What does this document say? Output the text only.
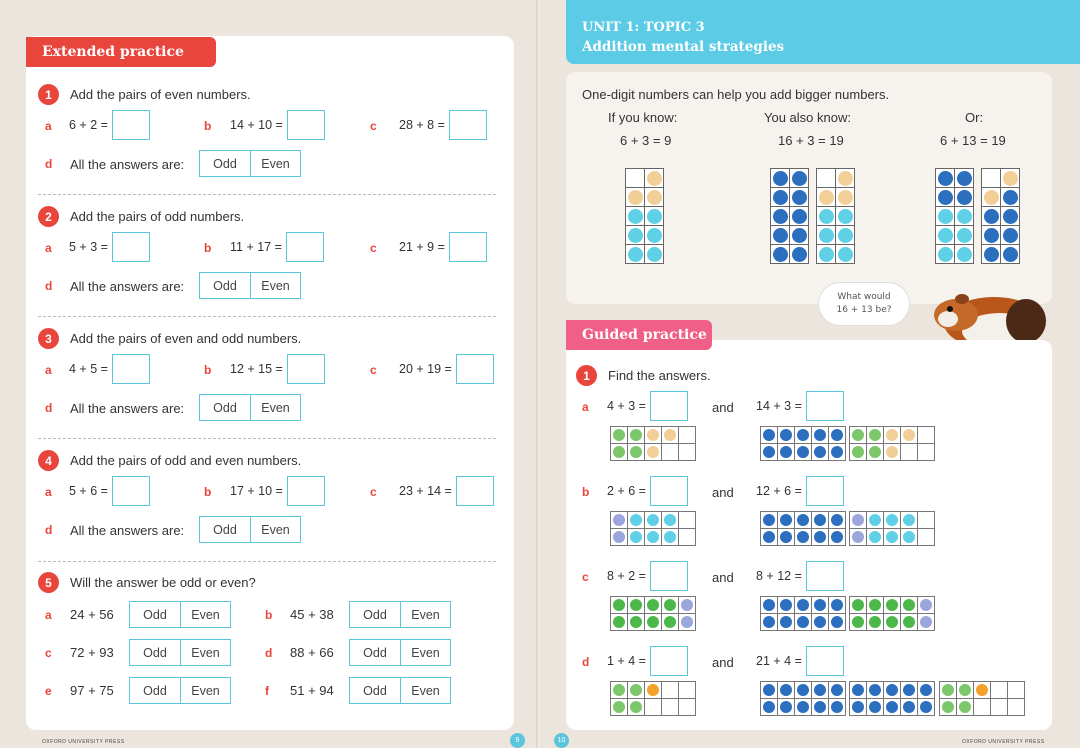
Extended practice
1	Add the pairs of even numbers.
a 6 + 2 =	b 14 + 10 =	c 28 + 8 =
d All the answers are:	Odd	Even
2	Add the pairs of odd numbers.
a 5 + 3 =	b 11 + 17 =	c 21 + 9 =
d All the answers are:	Odd	Even
3	Add the pairs of even and odd numbers.
a 4 + 5 =	b 12 + 15 =	c 20 + 19 =
d All the answers are:	Odd	Even
4	Add the pairs of odd and even numbers.
a 5 + 6 =	b 17 + 10 =	c 23 + 14 =
d All the answers are:	Odd	Even
5	Will the answer be odd or even?
a 24 + 56	Odd	Even	b 45 + 38	Odd	Even
c 72 + 93	Odd	Even	d 88 + 66	Odd	Even
e 97 + 75	Odd	Even	f 51 + 94	Odd	Even
OXFORD UNIVERSITY PRESS	9
UNIT 1: TOPIC 3
Addition mental strategies
One-digit numbers can help you add bigger numbers.
If you know:
6 + 3 = 9
You also know:
16 + 3 = 19
Or:
6 + 13 = 19
What would
16 + 13 be?
Guided practice
1	Find the answers.
a 4 + 3 =	and 14 + 3 =
b 2 + 6 =	and 12 + 6 =
c 8 + 2 =	and 8 + 12 =
d 1 + 4 =	and 21 + 4 =
10	OXFORD UNIVERSITY PRESS
